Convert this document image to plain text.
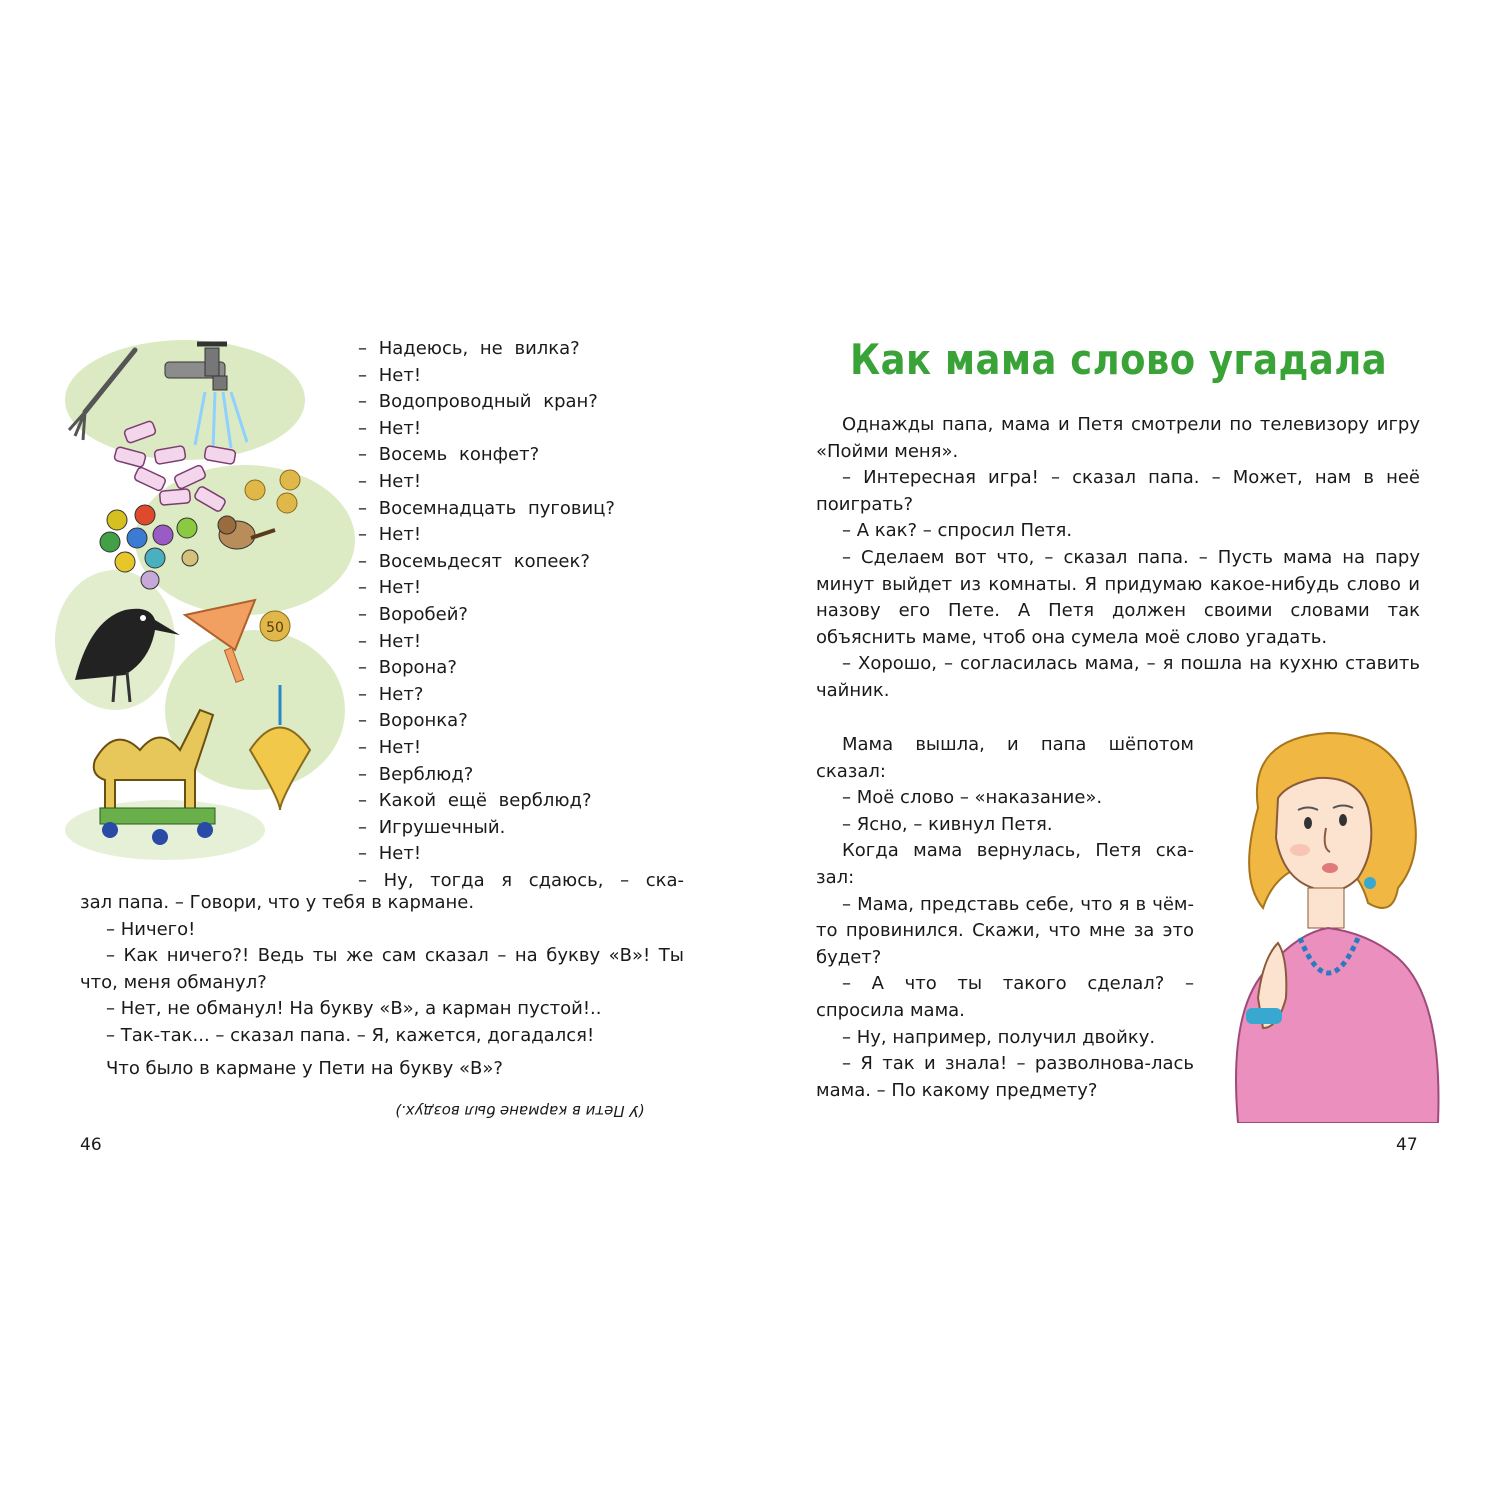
50
– Надеюсь, не вилка?
– Нет!
– Водопроводный кран?
– Нет!
– Восемь конфет?
– Нет!
– Восемнадцать пуговиц?
– Нет!
– Восемьдесят копеек?
– Нет!
– Воробей?
– Нет!
– Ворона?
– Нет?
– Воронка?
– Нет!
– Верблюд?
– Какой ещё верблюд?
– Игрушечный.
– Нет!
– Ну, тогда я сдаюсь, – ска-

зал папа. – Говори, что у тебя в кармане.

– Ничего!

– Как ничего?! Ведь ты же сам сказал – на букву «В»! Ты что, меня обманул?

– Нет, не обманул! На букву «В», а карман пустой!..

– Так-так... – сказал папа. – Я, кажется, догадался!

Что было в кармане у Пети на букву «В»?

(У Пети в кармане был воздух.)
46
Как мама слово угадала

Однажды папа, мама и Петя смотрели по телевизору игру «Пойми меня».

– Интересная игра! – сказал папа. – Может, нам в неё поиграть?

– А как? – спросил Петя.

– Сделаем вот что, – сказал папа. – Пусть мама на пару минут выйдет из комнаты. Я придумаю какое-нибудь слово и назову его Пете. А Петя должен своими словами так объяснить маме, чтоб она сумела моё слово угадать.

– Хорошо, – согласилась мама, – я пошла на кухню ставить чайник.

Мама вышла, и папа шёпотом сказал:

– Моё слово – «наказание».

– Ясно, – кивнул Петя.

Когда мама вернулась, Петя ска-зал:

– Мама, представь себе, что я в чём-то провинился. Скажи, что мне за это будет?

– А что ты такого сделал? – спросила мама.

– Ну, например, получил двойку.

– Я так и знала! – разволнова-лась мама. – По какому предмету?

47
